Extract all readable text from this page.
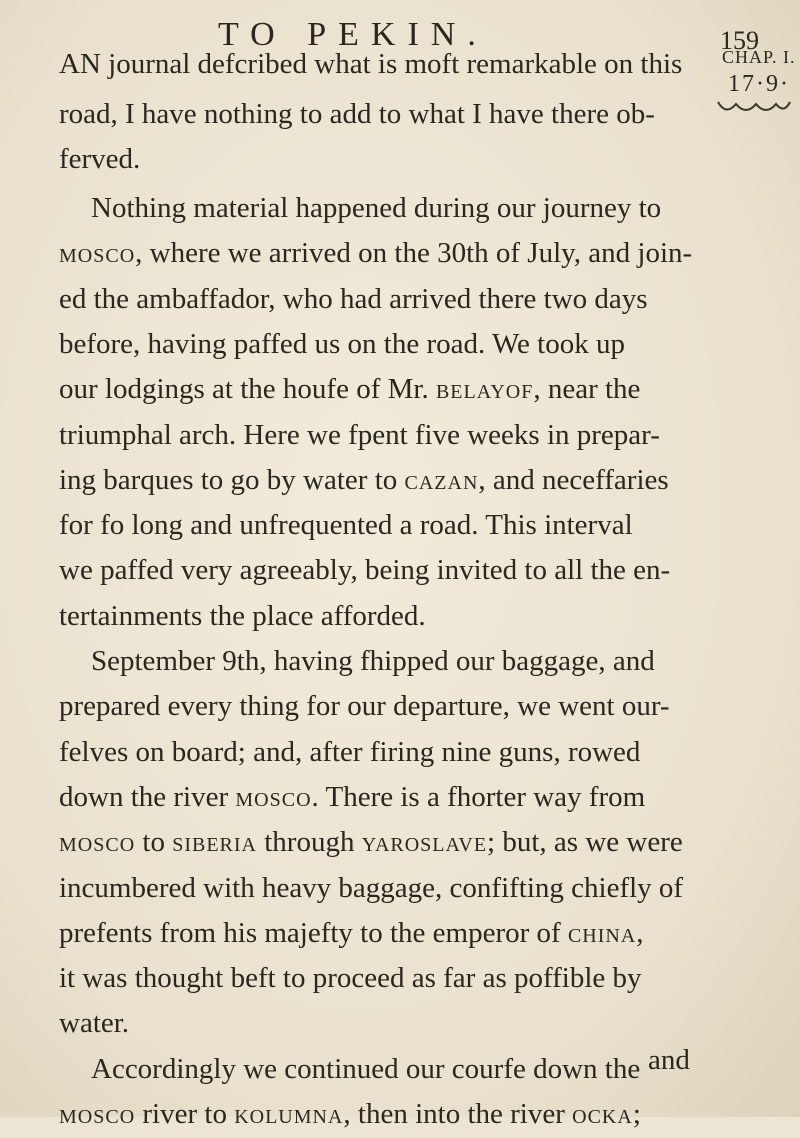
TO PEKIN.	159
CHAP. I.
17·9·
AN journal defcribed what is moft remarkable on this
road, I have nothing to add to what I have there ob-
ferved.
Nothing material happened during our journey to
MOSCO, where we arrived on the 30th of July, and join-
ed the ambaffador, who had arrived there two days
before, having paffed us on the road. We took up
our lodgings at the houfe of Mr. BELAYOF, near the
triumphal arch. Here we fpent five weeks in prepar-
ing barques to go by water to CAZAN, and neceffaries
for fo long and unfrequented a road. This interval
we paffed very agreeably, being invited to all the en-
tertainments the place afforded.
September 9th, having fhipped our baggage, and
prepared every thing for our departure, we went our-
felves on board; and, after firing nine guns, rowed
down the river MOSCO. There is a fhorter way from
MOSCO to SIBERIA through YAROSLAVE; but, as we were
incumbered with heavy baggage, confifting chiefly of
prefents from his majefty to the emperor of CHINA,
it was thought beft to proceed as far as poffible by
water.
Accordingly we continued our courfe down the
MOSCO river to KOLUMNA, then into the river OCKA;
and
